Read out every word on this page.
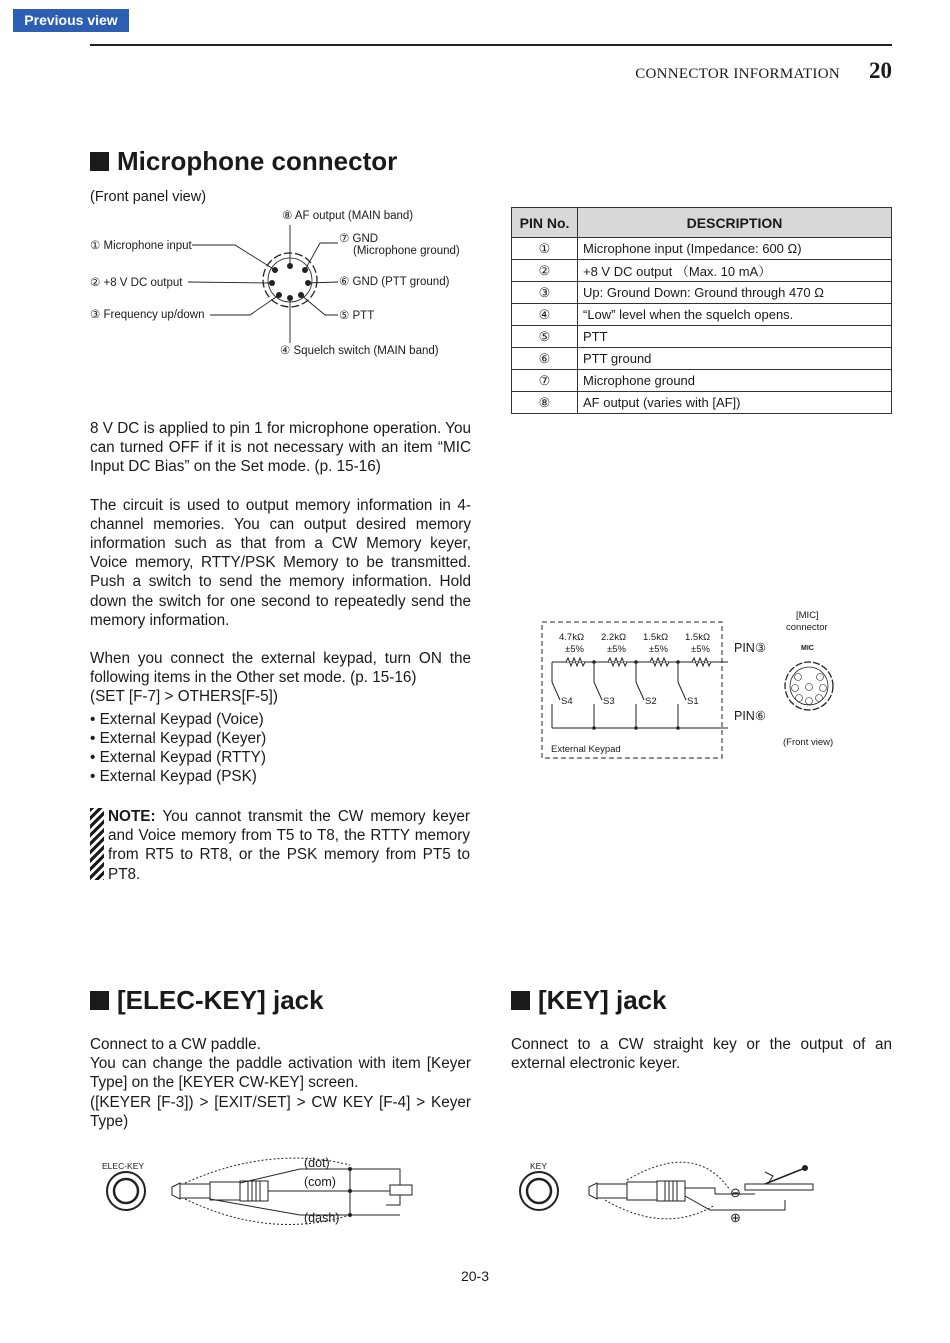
Previous view
CONNECTOR INFORMATION 20
Microphone connector
(Front panel view)
⑧ AF output (MAIN band)
⑦ GND
(Microphone ground)
① Microphone input
⑥ GND (PTT ground)
② +8 V DC output
③ Frequency up/down	⑤ PTT
④ Squelch switch (MAIN band)
PIN No.	DESCRIPTION
①	Microphone input (Impedance: 600 Ω)
②	+8 V DC output （Max. 10 mA）
③	Up: Ground Down: Ground through 470 Ω
④	“Low” level when the squelch opens.
⑤	PTT
⑥	PTT ground
⑦	Microphone ground
⑧	AF output (varies with [AF])

8 V DC is applied to pin 1 for microphone operation. You can turned OFF if it is not necessary with an item “MIC Input DC Bias” on the Set mode. (p. 15-16)

The circuit is used to output memory information in 4-channel memories. You can output desired memory information such as that from a CW Memory keyer, Voice memory, RTTY/PSK Memory to be transmitted. Push a switch to send the memory information. Hold down the switch for one second to repeatedly send the memory information.

When you connect the external keypad, turn ON the following items in the Other set mode. (p. 15-16)

(SET [F-7] > OTHERS[F-5])

• External Keypad (Voice)
• External Keypad (Keyer)
• External Keypad (RTTY)
• External Keypad (PSK)

NOTE: You cannot transmit the CW memory keyer and Voice memory from T5 to T8, the RTTY memory from RT5 to RT8, or the PSK memory from PT5 to PT8.

4.7kΩ 2.2kΩ 1.5kΩ 1.5kΩ
±5% ±5% ±5% ±5%
S4	S3	S2	S1
PIN③
PIN⑥
External Keypad
[MIC]
connector
MIC
(Front view)
[ELEC-KEY] jack

Connect to a CW paddle.

You can change the paddle activation with item [Keyer Type] on the [KEYER CW-KEY] screen.

([KEYER [F-3]) > [EXIT/SET] > CW KEY [F-4] > Keyer Type)

ELEC-KEY	(dot)
(com)
(dash)
[KEY] jack

Connect to a CW straight key or the output of an external electronic keyer.

KEY
⊖
⊕
20-3
